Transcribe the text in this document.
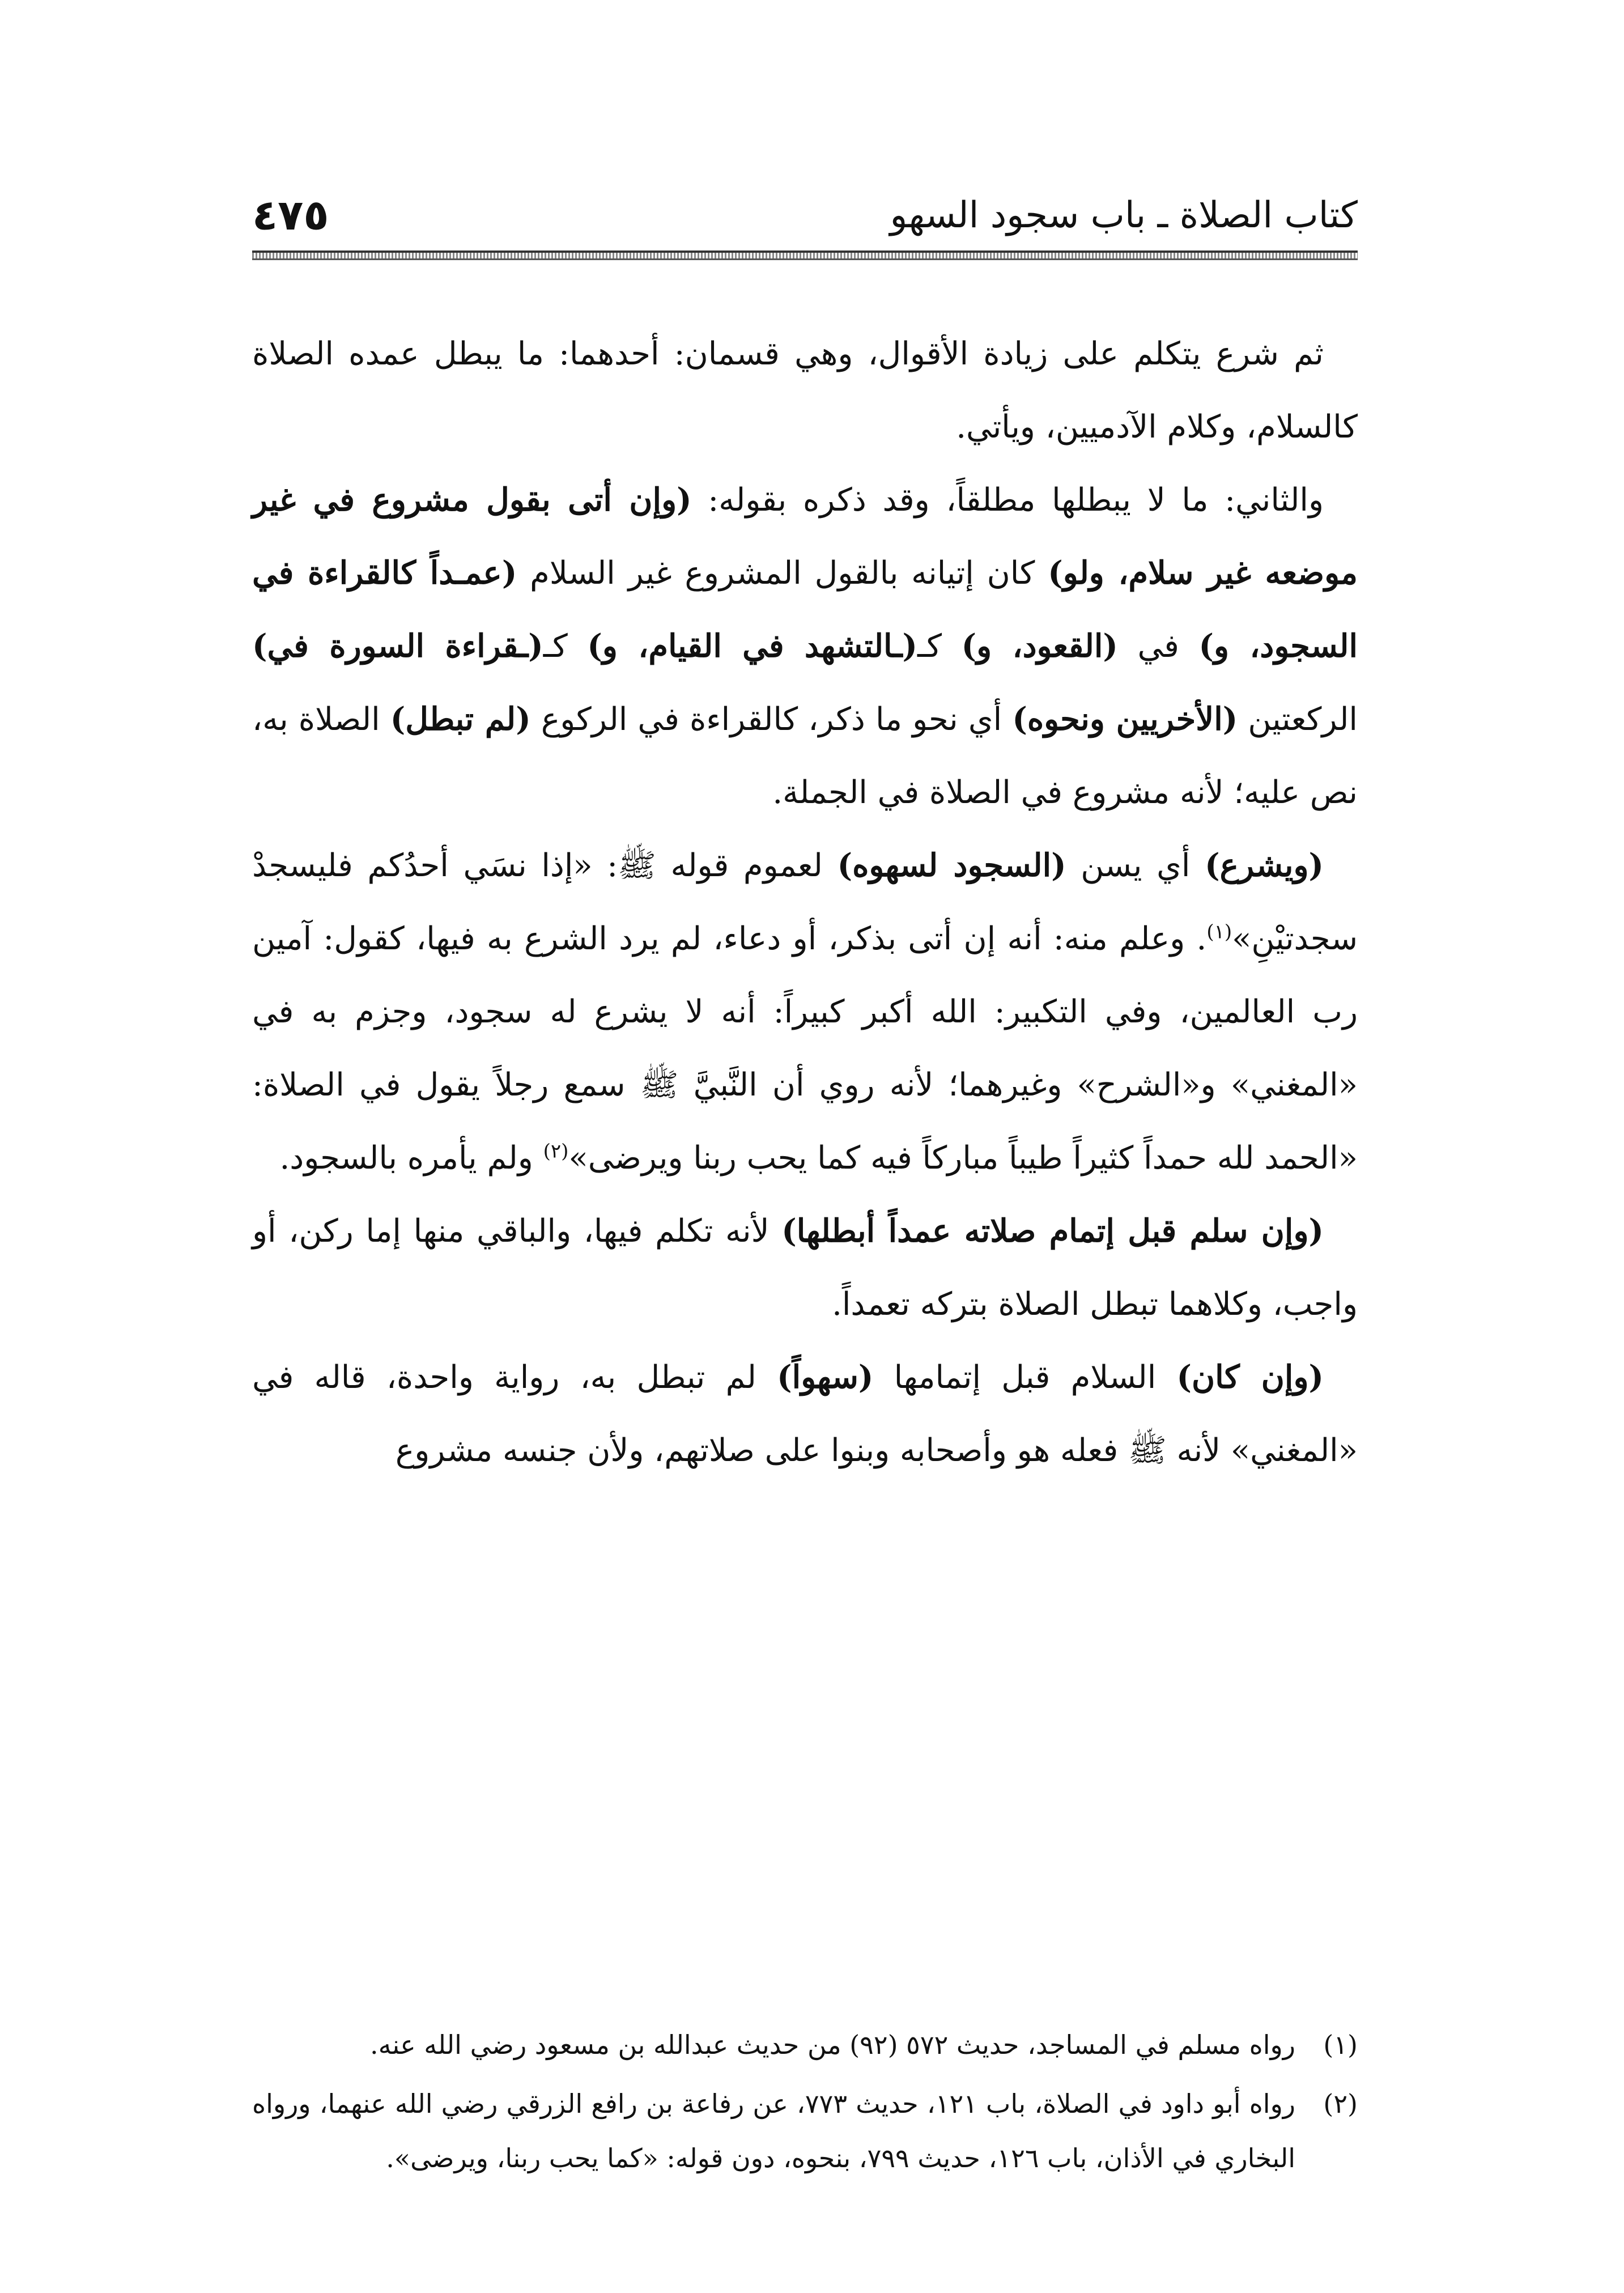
كتاب الصلاة ـ باب سجود السهو
٤٧٥

ثم شرع يتكلم على زيادة الأقوال، وهي قسمان: أحدهما: ما يبطل عمده الصلاة كالسلام، وكلام الآدميين، ويأتي.

والثاني: ما لا يبطلها مطلقاً، وقد ذكره بقوله: (وإن أتى بقول مشروع في غير موضعه غير سلام، ولو) كان إتيانه بالقول المشروع غير السلام (عمـداً كالقراءة في السجود، و) في (القعود، و) كـ(ـالتشهد في القيام، و) كـ(ـقراءة السورة في) الركعتين (الأخريين ونحوه) أي نحو ما ذكر، كالقراءة في الركوع (لم تبطل) الصلاة به، نص عليه؛ لأنه مشروع في الصلاة في الجملة.

(ويشرع) أي يسن (السجود لسهوه) لعموم قوله ﷺ: «إذا نسَي أحدُكم فليسجدْ سجدتيْنِ»$^{(١)}$. وعلم منه: أنه إن أتى بذكر، أو دعاء، لم يرد الشرع به فيها، كقول: آمين رب العالمين، وفي التكبير: الله أكبر كبيراً: أنه لا يشرع له سجود، وجزم به في «المغني» و«الشرح» وغيرهما؛ لأنه روي أن النَّبيَّ ﷺ سمع رجلاً يقول في الصلاة: «الحمد لله حمداً كثيراً طيباً مباركاً فيه كما يحب ربنا ويرضى»$^{(٢)}$ ولم يأمره بالسجود.

(وإن سلم قبل إتمام صلاته عمداً أبطلها) لأنه تكلم فيها، والباقي منها إما ركن، أو واجب، وكلاهما تبطل الصلاة بتركه تعمداً.

(وإن كان) السلام قبل إتمامها (سهواً) لم تبطل به، رواية واحدة، قاله في «المغني» لأنه ﷺ فعله هو وأصحابه وبنوا على صلاتهم، ولأن جنسه مشروع

(١)
رواه مسلم في المساجد، حديث ٥٧٢ (٩٢) من حديث عبدالله بن مسعود رضي الله عنه.
(٢)
رواه أبو داود في الصلاة، باب ١٢١، حديث ٧٧٣، عن رفاعة بن رافع الزرقي رضي الله عنهما، ورواه البخاري في الأذان، باب ١٢٦، حديث ٧٩٩، بنحوه، دون قوله: «كما يحب ربنا، ويرضى».
